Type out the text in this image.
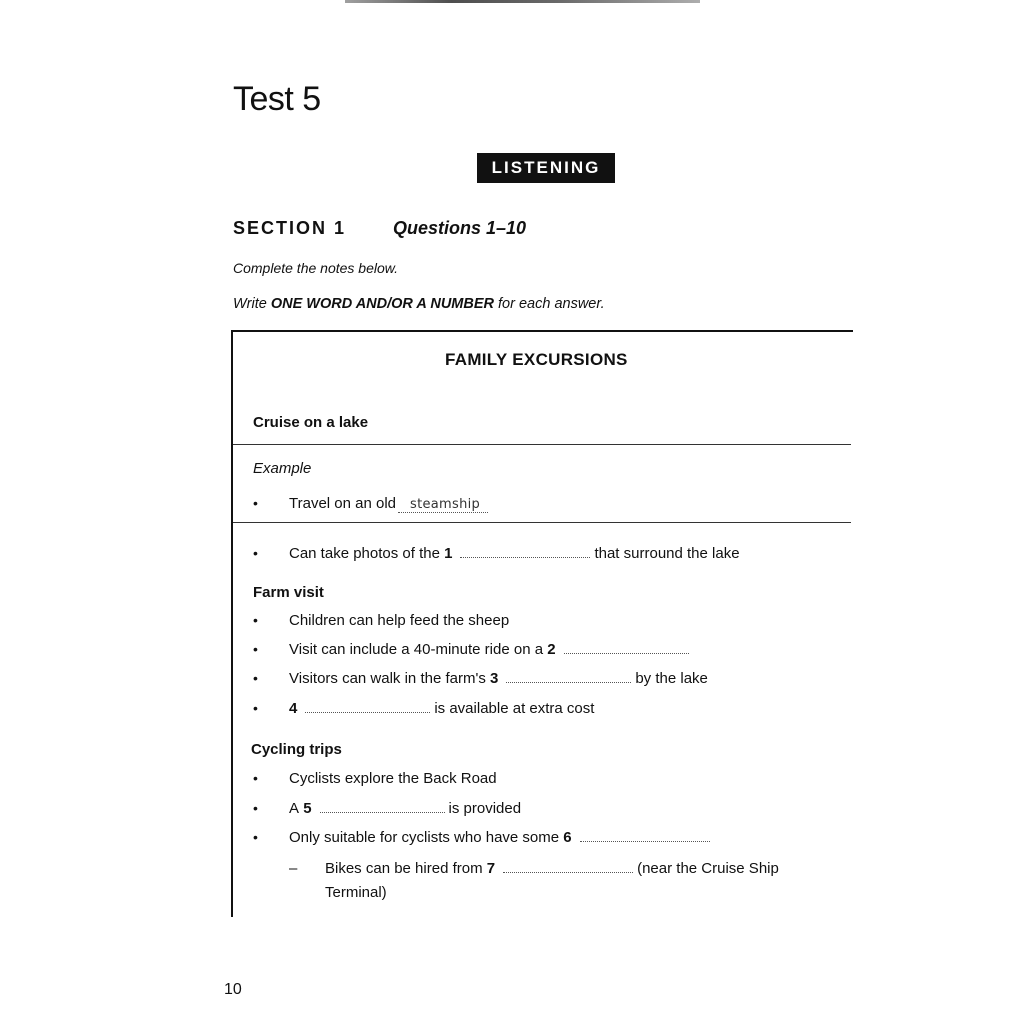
Test 5
LISTENING
SECTION 1	Questions 1–10
Complete the notes below.
Write ONE WORD AND/OR A NUMBER for each answer.
FAMILY EXCURSIONS
Cruise on a lake
Example
•	Travel on an old	steamship
•	Can take photos of the
1	that surround the lake
Farm visit
•	Children can help feed the sheep
•	Visit can include a 40-minute ride on a
2
•	Visitors can walk in the farm's
3	by the lake
•	4	is available at extra cost
Cycling trips
•	Cyclists explore the Back Road
•	A
5	is provided
•	Only suitable for cyclists who have some
6
–	Bikes can be hired from
7	(near the Cruise Ship
Terminal)
10
